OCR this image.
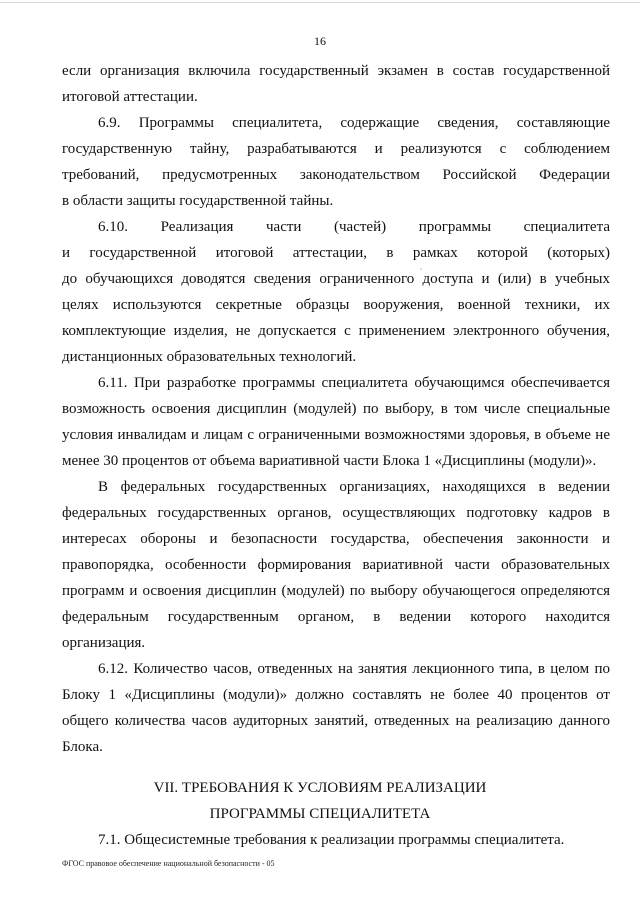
16
если организация включила государственный экзамен в состав государственной
итоговой аттестации.
6.9. Программы специалитета, содержащие сведения, составляющие
государственную тайну, разрабатываются и реализуются с соблюдением
требований, предусмотренных законодательством Российской Федерации
в области защиты государственной тайны.
6.10. Реализация части (частей) программы специалитета
и государственной итоговой аттестации, в рамках которой (которых)
до обучающихся доводятся сведения ограниченного доступа и (или) в учебных
целях используются секретные образцы вооружения, военной техники, их
комплектующие изделия, не допускается с применением электронного обучения,
дистанционных образовательных технологий.
6.11. При разработке программы специалитета обучающимся обеспечивается
возможность освоения дисциплин (модулей) по выбору, в том числе специальные
условия инвалидам и лицам с ограниченными возможностями здоровья, в объеме не
менее 30 процентов от объема вариативной части Блока 1 «Дисциплины (модули)».
В федеральных государственных организациях, находящихся в ведении
федеральных государственных органов, осуществляющих подготовку кадров в
интересах обороны и безопасности государства, обеспечения законности и
правопорядка, особенности формирования вариативной части образовательных
программ и освоения дисциплин (модулей) по выбору обучающегося определяются
федеральным государственным органом, в ведении которого находится
организация.
6.12. Количество часов, отведенных на занятия лекционного типа, в целом по
Блоку 1 «Дисциплины (модули)» должно составлять не более 40 процентов от
общего количества часов аудиторных занятий, отведенных на реализацию данного
Блока.
VII. ТРЕБОВАНИЯ К УСЛОВИЯМ РЕАЛИЗАЦИИ
ПРОГРАММЫ СПЕЦИАЛИТЕТА
7.1. Общесистемные требования к реализации программы специалитета.
ФГОС правовое обеспечение национальной безопасности - 05
